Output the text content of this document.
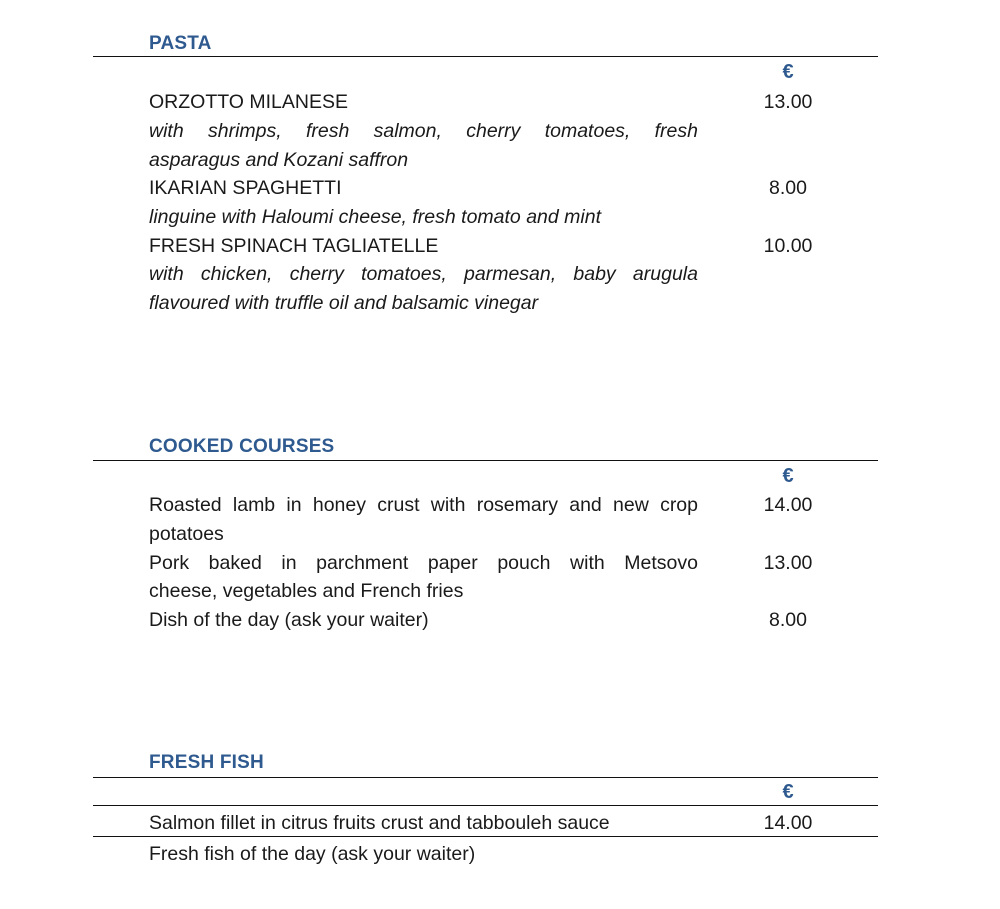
PASTA
€
ORZOTTO MILANESE	13.00
with shrimps, fresh salmon, cherry tomatoes, fresh
asparagus and Kozani saffron
IKARIAN SPAGHETTI	8.00
linguine with Haloumi cheese, fresh tomato and mint
FRESH SPINACH TAGLIATELLE	10.00
with chicken, cherry tomatoes, parmesan, baby arugula
flavoured with truffle oil and balsamic vinegar
COOKED COURSES
€
Roasted lamb in honey crust with rosemary and new crop	14.00
potatoes
Pork baked in parchment paper pouch with Metsovo	13.00
cheese, vegetables and French fries
Dish of the day (ask your waiter)	8.00
FRESH FISH
€
Salmon fillet in citrus fruits crust and tabbouleh sauce	14.00
Fresh fish of the day (ask your waiter)
